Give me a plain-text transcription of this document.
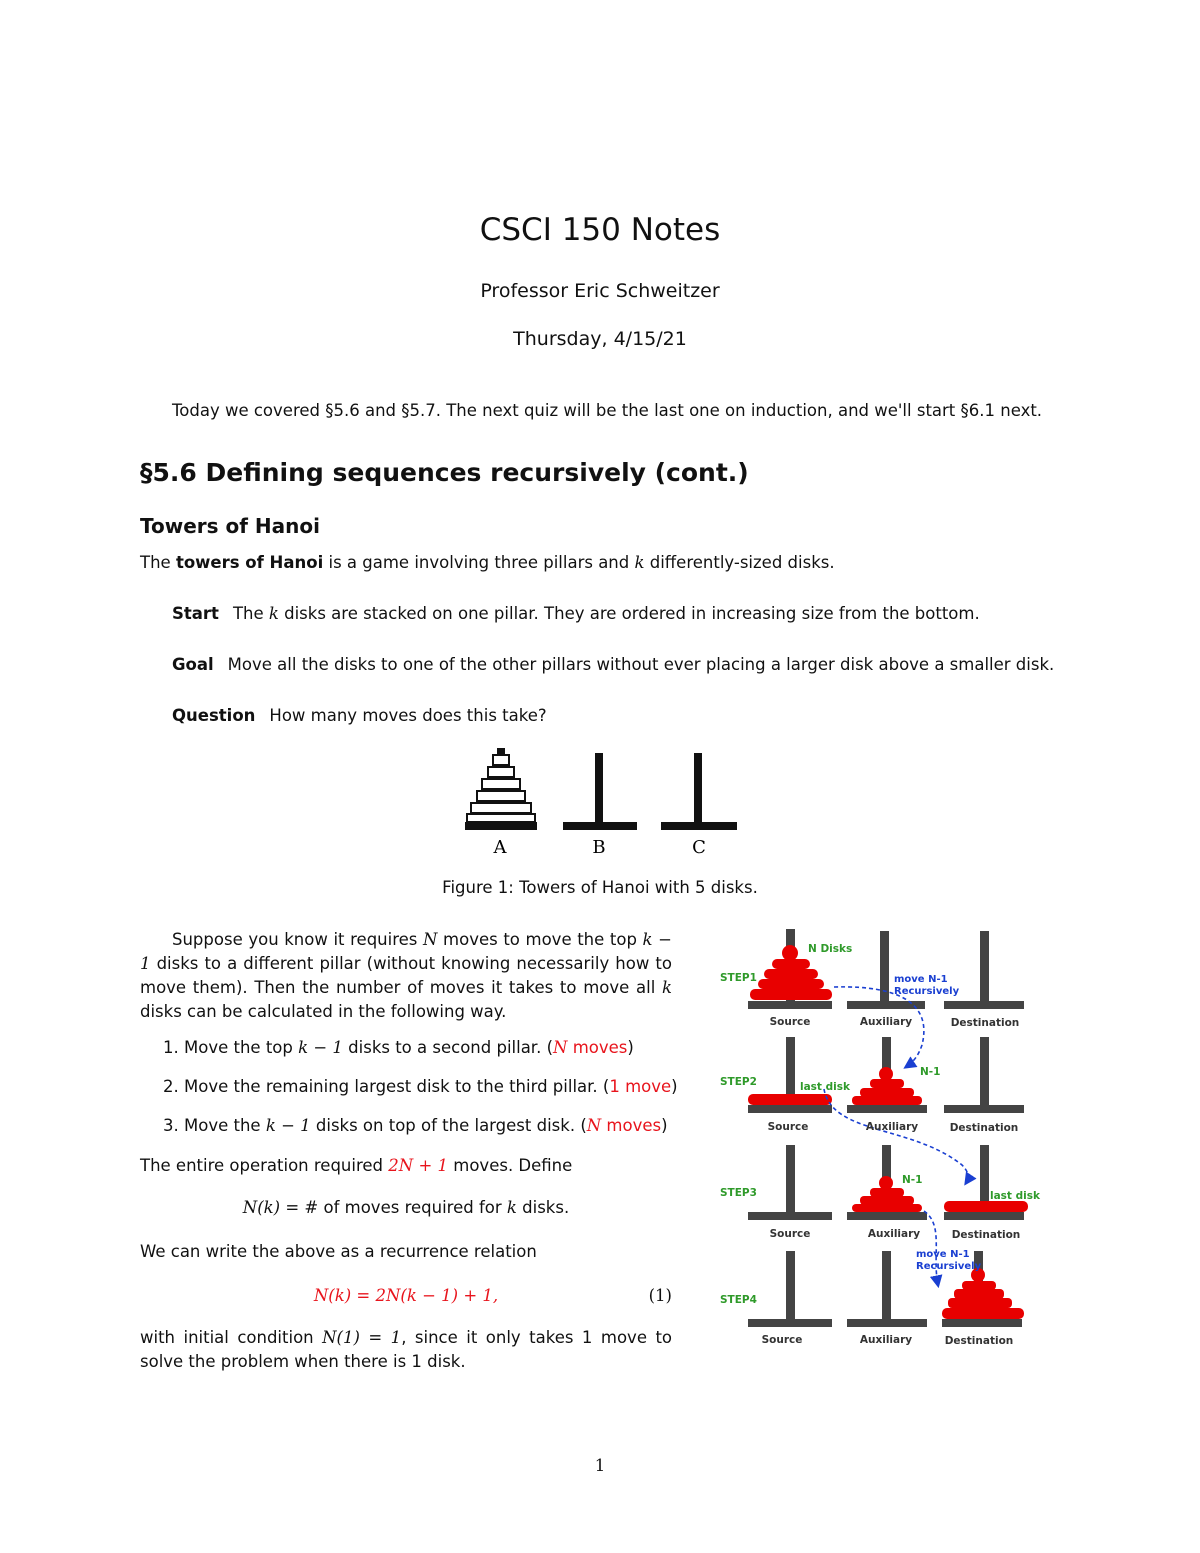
CSCI 150 Notes
Professor Eric Schweitzer
Thursday, 4/15/21
Today we covered §5.6 and §5.7. The next quiz will be the last one on induction, and we'll start §6.1 next.
§5.6 Defining sequences recursively (cont.)
Towers of Hanoi
The towers of Hanoi is a game involving three pillars and k differently-sized disks.
Start The k disks are stacked on one pillar. They are ordered in increasing size from the bottom.
Goal Move all the disks to one of the other pillars without ever placing a larger disk above a smaller disk.
Question How many moves does this take?
A	B	C
Figure 1: Towers of Hanoi with 5 disks.
Suppose you know it requires N moves to move the top k − 1 disks to a different pillar (without knowing necessarily how to move them). Then the number of moves it takes to move all k disks can be calculated in the following way.
1. Move the top k − 1 disks to a second pillar. (N moves)
2. Move the remaining largest disk to the third pillar. (1 move)
3. Move the k − 1 disks on top of the largest disk. (N moves)
The entire operation required 2N + 1 moves. Define
N(k) = # of moves required for k disks.
We can write the above as a recurrence relation
N(k) = 2N(k − 1) + 1,	(1)
with initial condition N(1) = 1, since it only takes 1 move to solve the problem when there is 1 disk.
STEP1
STEP2
STEP3
STEP4
N Disks
N-1
last disk
N-1
last disk
move N-1
Recursively
move N-1
Recursively
Source	Auxiliary	Destination
Source	Auxiliary	Destination
Source	Auxiliary	Destination
Source	Auxiliary	Destination
1
